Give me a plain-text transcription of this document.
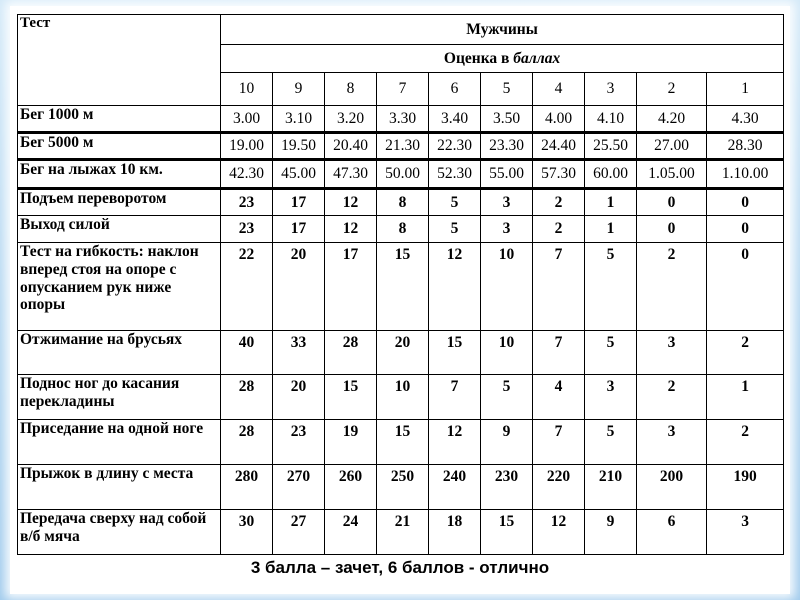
Тест	Мужчины									
	Оценка в баллах									
	10	9	8	7	6	5	4	3	2	1
Бег 1000 м	3.00	3.10	3.20	3.30	3.40	3.50	4.00	4.10	4.20	4.30
Бег 5000 м	19.00	19.50	20.40	21.30	22.30	23.30	24.40	25.50	27.00	28.30
Бег на лыжах 10 км.	42.30	45.00	47.30	50.00	52.30	55.00	57.30	60.00	1.05.00	1.10.00
Подъем переворотом	23	17	12	8	5	3	2	1	0	0
Выход силой	23	17	12	8	5	3	2	1	0	0
Тест на гибкость: наклон вперед стоя на опоре с опусканием рук ниже опоры	22	20	17	15	12	10	7	5	2	0
Отжимание на брусьях	40	33	28	20	15	10	7	5	3	2
Поднос ног до касания перекладины	28	20	15	10	7	5	4	3	2	1
Приседание на одной ноге	28	23	19	15	12	9	7	5	3	2
Прыжок в длину с места	280	270	260	250	240	230	220	210	200	190
Передача сверху над собой в/б мяча	30	27	24	21	18	15	12	9	6	3
3 балла – зачет, 6 баллов - отлично
